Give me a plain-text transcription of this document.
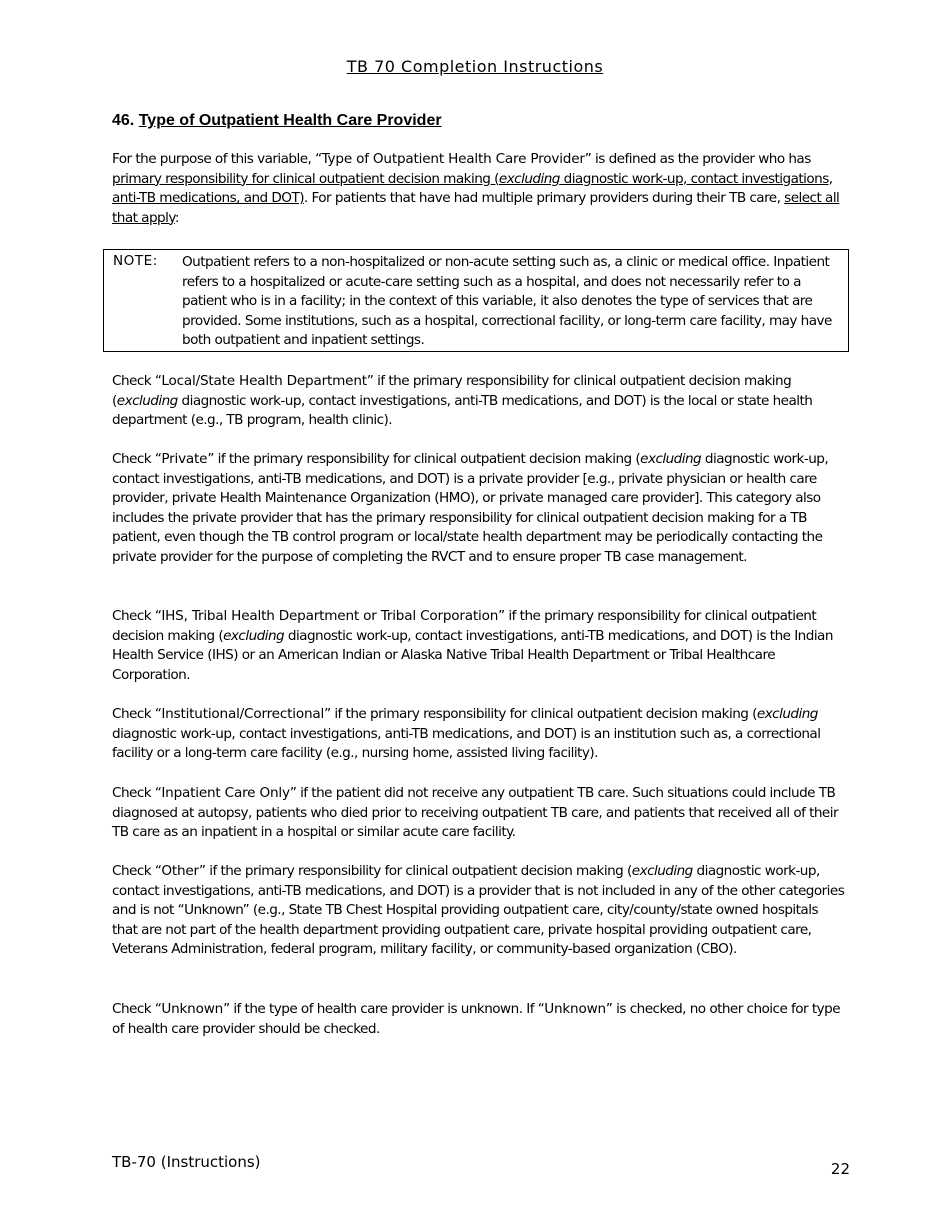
TB 70 Completion Instructions
46. Type of Outpatient Health Care Provider

For the purpose of this variable, “Type of Outpatient Health Care Provider” is defined as the provider who has primary responsibility for clinical outpatient decision making (excluding diagnostic work-up, contact investigations, anti-TB medications, and DOT). For patients that have had multiple primary providers during their TB care, select all that apply:

NOTE: Outpatient refers to a non-hospitalized or non-acute setting such as, a clinic or medical office. Inpatient refers to a hospitalized or acute-care setting such as a hospital, and does not necessarily refer to a patient who is in a facility; in the context of this variable, it also denotes the type of services that are provided. Some institutions, such as a hospital, correctional facility, or long-term care facility, may have both outpatient and inpatient settings.

Check “Local/State Health Department” if the primary responsibility for clinical outpatient decision making (excluding diagnostic work-up, contact investigations, anti-TB medications, and DOT) is the local or state health department (e.g., TB program, health clinic).

Check “Private” if the primary responsibility for clinical outpatient decision making (excluding diagnostic work-up, contact investigations, anti-TB medications, and DOT) is a private provider [e.g., private physician or health care provider, private Health Maintenance Organization (HMO), or private managed care provider]. This category also includes the private provider that has the primary responsibility for clinical outpatient decision making for a TB patient, even though the TB control program or local/state health department may be periodically contacting the private provider for the purpose of completing the RVCT and to ensure proper TB case management.

Check “IHS, Tribal Health Department or Tribal Corporation” if the primary responsibility for clinical outpatient decision making (excluding diagnostic work-up, contact investigations, anti-TB medications, and DOT) is the Indian Health Service (IHS) or an American Indian or Alaska Native Tribal Health Department or Tribal Healthcare Corporation.

Check “Institutional/Correctional” if the primary responsibility for clinical outpatient decision making (excluding diagnostic work-up, contact investigations, anti-TB medications, and DOT) is an institution such as, a correctional facility or a long-term care facility (e.g., nursing home, assisted living facility).

Check “Inpatient Care Only” if the patient did not receive any outpatient TB care. Such situations could include TB diagnosed at autopsy, patients who died prior to receiving outpatient TB care, and patients that received all of their TB care as an inpatient in a hospital or similar acute care facility.

Check “Other” if the primary responsibility for clinical outpatient decision making (excluding diagnostic work-up, contact investigations, anti-TB medications, and DOT) is a provider that is not included in any of the other categories and is not “Unknown” (e.g., State TB Chest Hospital providing outpatient care, city/county/state owned hospitals that are not part of the health department providing outpatient care, private hospital providing outpatient care, Veterans Administration, federal program, military facility, or community-based organization (CBO).

Check “Unknown” if the type of health care provider is unknown. If “Unknown” is checked, no other choice for type of health care provider should be checked.

TB-70 (Instructions)	22
